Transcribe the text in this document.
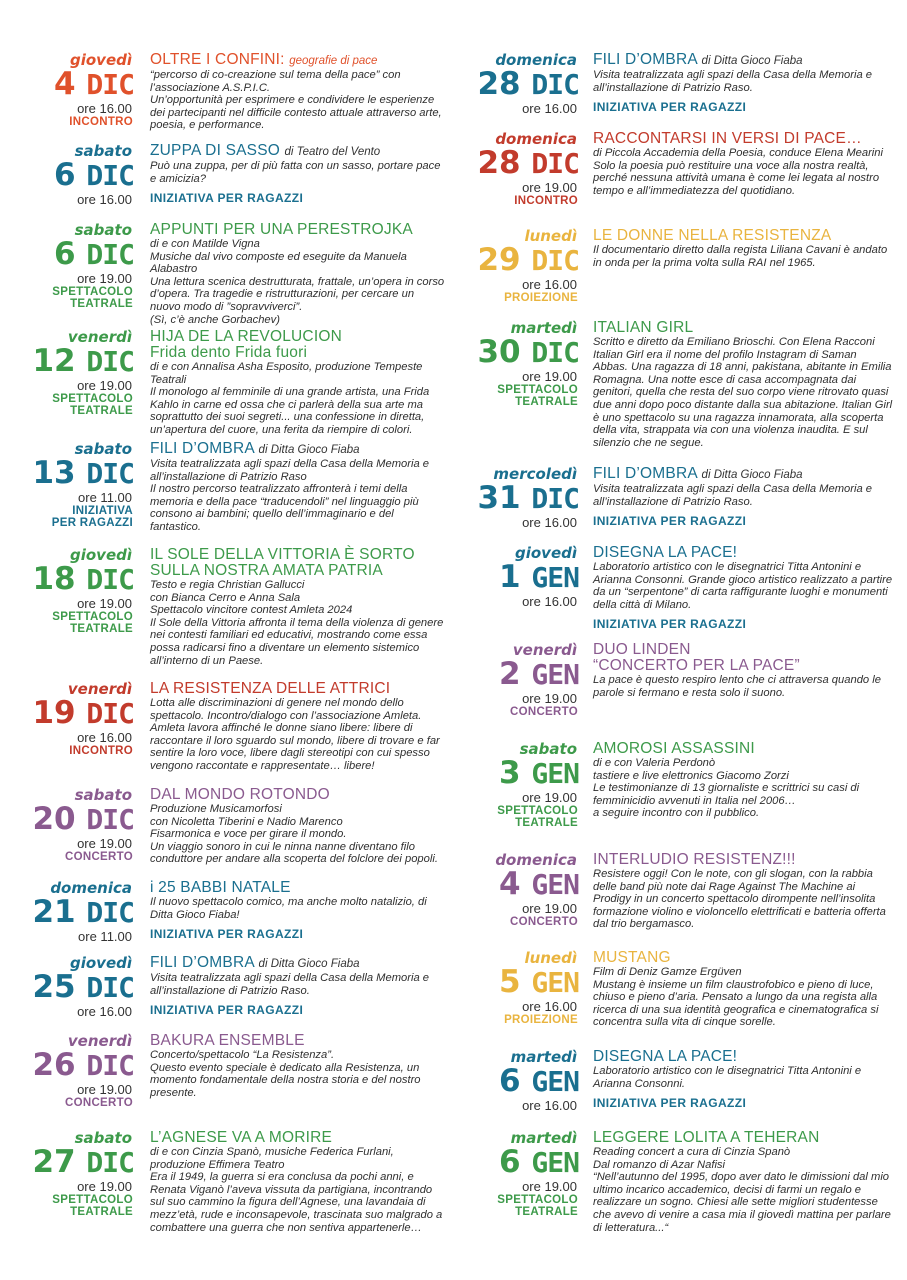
giovedì
4 DIC
ore 16.00
INCONTRO
OLTRE I CONFINI: geografie di pace
“percorso di co-creazione sul tema della pace” con l’associazione A.S.P.I.C.
Un’opportunità per esprimere e condividere le esperienze dei partecipanti nel difficile contesto attuale attraverso arte, poesia, e performance.
sabato
6 DIC
ore 16.00
ZUPPA DI SASSO di Teatro del Vento
Può una zuppa, per di più fatta con un sasso, portare pace e amicizia?
INIZIATIVA PER RAGAZZI
sabato
6 DIC
ore 19.00
SPETTACOLO
TEATRALE
APPUNTI PER UNA PERESTROJKA
di e con Matilde Vigna
Musiche dal vivo composte ed eseguite da Manuela Alabastro
Una lettura scenica destrutturata, frattale, un’opera in corso d’opera. Tra tragedie e ristrutturazioni, per cercare un nuovo modo di ”sopravviverci”.
(Sì, c’è anche Gorbachev)
venerdì
12 DIC
ore 19.00
SPETTACOLO
TEATRALE
HIJA DE LA REVOLUCION
Frida dento Frida fuori
di e con Annalisa Asha Esposito, produzione Tempeste Teatrali
Il monologo al femminile di una grande artista, una Frida Kahlo in carne ed ossa che ci parlerà della sua arte ma soprattutto dei suoi segreti... una confessione in diretta, un’apertura del cuore, una ferita da riempire di colori.
sabato
13 DIC
ore 11.00
INIZIATIVA
PER RAGAZZI
FILI D’OMBRA di Ditta Gioco Fiaba
Visita teatralizzata agli spazi della Casa della Memoria e all’installazione di Patrizio Raso
Il nostro percorso teatralizzato affronterà i temi della memoria e della pace “traducendoli” nel linguaggio più consono ai bambini; quello dell’immaginario e del fantastico.
giovedì
18 DIC
ore 19.00
SPETTACOLO
TEATRALE
IL SOLE DELLA VITTORIA È SORTO
SULLA NOSTRA AMATA PATRIA
Testo e regia Christian Gallucci
con Bianca Cerro e Anna Sala
Spettacolo vincitore contest Amleta 2024
Il Sole della Vittoria affronta il tema della violenza di genere nei contesti familiari ed educativi, mostrando come essa possa radicarsi fino a diventare un elemento sistemico all’interno di un Paese.
venerdì
19 DIC
ore 16.00
INCONTRO
LA RESISTENZA DELLE ATTRICI
Lotta alle discriminazioni di genere nel mondo dello spettacolo. Incontro/dialogo con l’associazione Amleta.
Amleta lavora affinché le donne siano libere: libere di raccontare il loro sguardo sul mondo, libere di trovare e far sentire la loro voce, libere dagli stereotipi con cui spesso vengono raccontate e rappresentate… libere!
sabato
20 DIC
ore 19.00
CONCERTO
DAL MONDO ROTONDO
Produzione Musicamorfosi
con Nicoletta Tiberini e Nadio Marenco
Fisarmonica e voce per girare il mondo.
Un viaggio sonoro in cui le ninna nanne diventano filo conduttore per andare alla scoperta del folclore dei popoli.
domenica
21 DIC
ore 11.00
i 25 BABBI NATALE
Il nuovo spettacolo comico, ma anche molto natalizio, di Ditta Gioco Fiaba!
INIZIATIVA PER RAGAZZI
giovedì
25 DIC
ore 16.00
FILI D’OMBRA di Ditta Gioco Fiaba
Visita teatralizzata agli spazi della Casa della Memoria e all’installazione di Patrizio Raso.
INIZIATIVA PER RAGAZZI
venerdì
26 DIC
ore 19.00
CONCERTO
BAKURA ENSEMBLE
Concerto/spettacolo “La Resistenza”.
Questo evento speciale è dedicato alla Resistenza, un momento fondamentale della nostra storia e del nostro presente.
sabato
27 DIC
ore 19.00
SPETTACOLO
TEATRALE
L’AGNESE VA A MORIRE
di e con Cinzia Spanò, musiche Federica Furlani, produzione Effimera Teatro
Era il 1949, la guerra si era conclusa da pochi anni, e Renata Viganò l’aveva vissuta da partigiana, incontrando sul suo cammino la figura dell’Agnese, una lavandaia di mezz’età, rude e inconsapevole, trascinata suo malgrado a combattere una guerra che non sentiva appartenerle…
domenica
28 DIC
ore 16.00
FILI D’OMBRA di Ditta Gioco Fiaba
Visita teatralizzata agli spazi della Casa della Memoria e all’installazione di Patrizio Raso.
INIZIATIVA PER RAGAZZI
domenica
28 DIC
ore 19.00
INCONTRO
RACCONTARSI IN VERSI DI PACE…
di Piccola Accademia della Poesia, conduce Elena Mearini
Solo la poesia può restituire una voce alla nostra realtà, perché nessuna attività umana è come lei legata al nostro tempo e all’immediatezza del quotidiano.
lunedì
29 DIC
ore 16.00
PROIEZIONE
LE DONNE NELLA RESISTENZA
Il documentario diretto dalla regista Liliana Cavani è andato in onda per la prima volta sulla RAI nel 1965.
martedì
30 DIC
ore 19.00
SPETTACOLO
TEATRALE
ITALIAN GIRL
Scritto e diretto da Emiliano Brioschi. Con Elena Racconi
Italian Girl era il nome del profilo Instagram di Saman Abbas. Una ragazza di 18 anni, pakistana, abitante in Emilia Romagna. Una notte esce di casa accompagnata dai genitori, quella che resta del suo corpo viene ritrovato quasi due anni dopo poco distante dalla sua abitazione. Italian Girl è uno spettacolo su una ragazza innamorata, alla scoperta della vita, strappata via con una violenza inaudita. E sul silenzio che ne segue.
mercoledì
31 DIC
ore 16.00
FILI D’OMBRA di Ditta Gioco Fiaba
Visita teatralizzata agli spazi della Casa della Memoria e all’installazione di Patrizio Raso.
INIZIATIVA PER RAGAZZI
giovedì
1 GEN
ore 16.00
DISEGNA LA PACE!
Laboratorio artistico con le disegnatrici Titta Antonini e Arianna Consonni. Grande gioco artistico realizzato a partire da un “serpentone” di carta raffigurante luoghi e monumenti della città di Milano.
INIZIATIVA PER RAGAZZI
venerdì
2 GEN
ore 19.00
CONCERTO
DUO LINDEN
“CONCERTO PER LA PACE”
La pace è questo respiro lento che ci attraversa quando le parole si fermano e resta solo il suono.
sabato
3 GEN
ore 19.00
SPETTACOLO
TEATRALE
AMOROSI ASSASSINI
di e con Valeria Perdonò
tastiere e live elettronics Giacomo Zorzi
Le testimonianze di 13 giornaliste e scrittrici su casi di femminicidio avvenuti in Italia nel 2006…
a seguire incontro con il pubblico.
domenica
4 GEN
ore 19.00
CONCERTO
INTERLUDIO RESISTENZ!!!
Resistere oggi! Con le note, con gli slogan, con la rabbia delle band più note dai Rage Against The Machine ai Prodigy in un concerto spettacolo dirompente nell’insolita formazione violino e violoncello elettrificati e batteria offerta dal trio bergamasco.
lunedì
5 GEN
ore 16.00
PROIEZIONE
MUSTANG
Film di Deniz Gamze Ergüven
Mustang è insieme un film claustrofobico e pieno di luce, chiuso e pieno d’aria. Pensato a lungo da una regista alla ricerca di una sua identità geografica e cinematografica si concentra sulla vita di cinque sorelle.
martedì
6 GEN
ore 16.00
DISEGNA LA PACE!
Laboratorio artistico con le disegnatrici Titta Antonini e Arianna Consonni.
INIZIATIVA PER RAGAZZI
martedì
6 GEN
ore 19.00
SPETTACOLO
TEATRALE
LEGGERE LOLITA A TEHERAN
Reading concert a cura di Cinzia Spanò
Dal romanzo di Azar Nafisi
“Nell’autunno del 1995, dopo aver dato le dimissioni dal mio ultimo incarico accademico, decisi di farmi un regalo e realizzare un sogno. Chiesi alle sette migliori studentesse che avevo di venire a casa mia il giovedì mattina per parlare di letteratura...“
